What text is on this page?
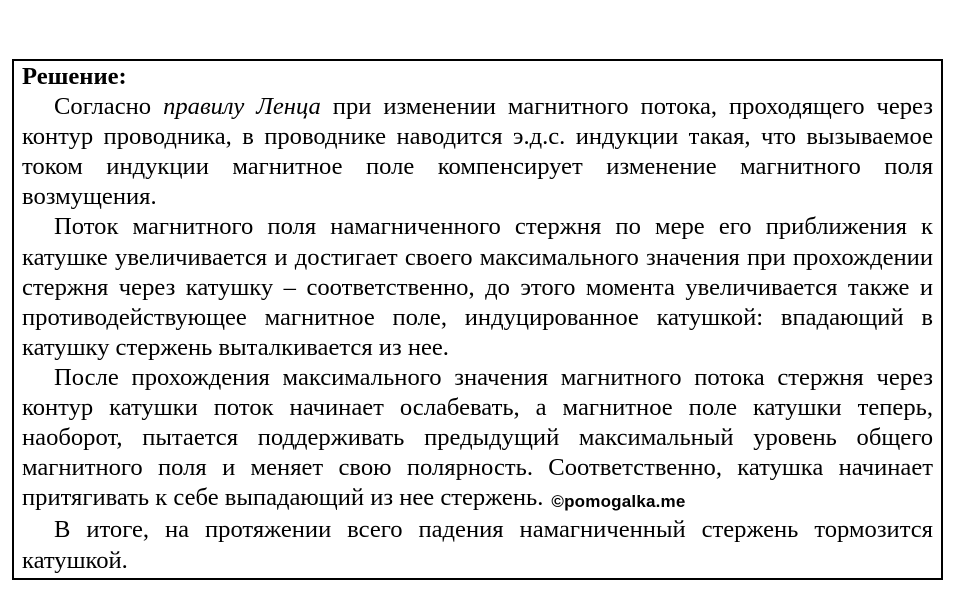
Решение:

Согласно правилу Ленца при изменении магнитного потока, проходящего через контур проводника, в проводнике наводится э.д.с. индукции такая, что вызываемое током индукции магнитное поле компенсирует изменение магнитного поля возмущения.

Поток магнитного поля намагниченного стержня по мере его приближения к катушке увеличивается и достигает своего максимального значения при прохождении стержня через катушку – соответственно, до этого момента увеличивается также и противодействующее магнитное поле, индуцированное катушкой: впадающий в катушку стержень выталкивается из нее.

После прохождения максимального значения магнитного потока стержня через контур катушки поток начинает ослабевать, а магнитное поле катушки теперь, наоборот, пытается поддерживать предыдущий максимальный уровень общего магнитного поля и меняет свою полярность. Соответственно, катушка начинает притягивать к себе выпадающий из нее стержень. ©pomogalka.me

В итоге, на протяжении всего падения намагниченный стержень тормозится катушкой.
